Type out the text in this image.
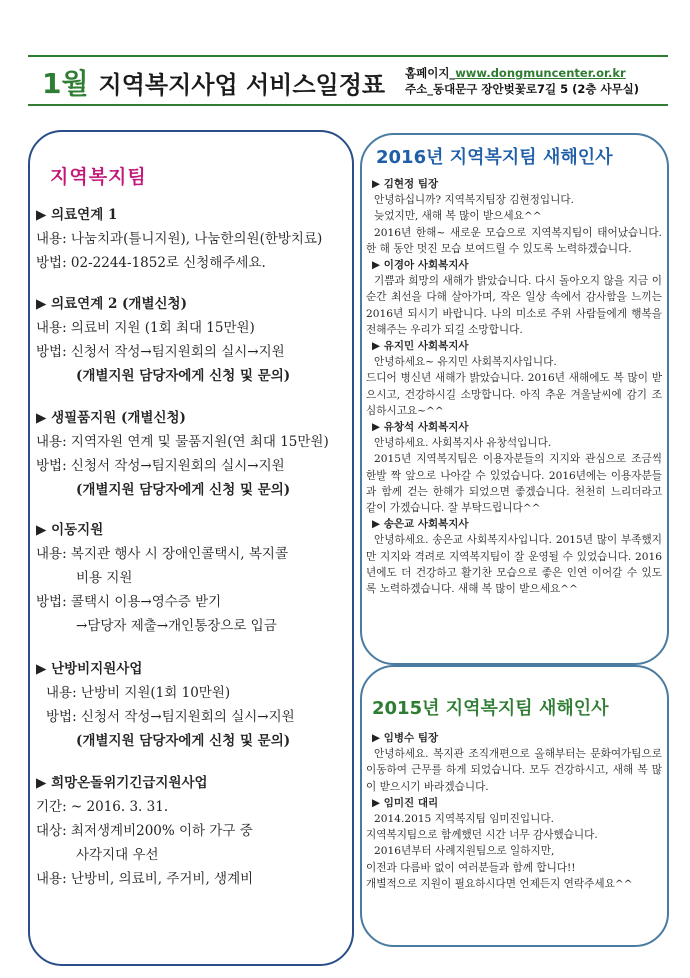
1월 지역복지사업 서비스일정표 홈페이지_www.dongmuncenter.or.kr
주소_동대문구 장안벚꽃로7길 5 (2층 사무실)
지역복지팀
▶ 의료연계 1
내용: 나눔치과(틀니지원), 나눔한의원(한방치료)
방법: 02-2244-1852로 신청해주세요.
▶ 의료연계 2 (개별신청)
내용: 의료비 지원 (1회 최대 15만원)
방법: 신청서 작성→팀지원회의 실시→지원
(개별지원 담당자에게 신청 및 문의)
▶ 생필품지원 (개별신청)
내용: 지역자원 연계 및 물품지원(연 최대 15만원)
방법: 신청서 작성→팀지원회의 실시→지원
(개별지원 담당자에게 신청 및 문의)
▶ 이동지원
내용: 복지관 행사 시 장애인콜택시, 복지콜
비용 지원
방법: 콜택시 이용→영수증 받기
→담당자 제출→개인통장으로 입금
▶ 난방비지원사업
내용: 난방비 지원(1회 10만원)
방법: 신청서 작성→팀지원회의 실시→지원
(개별지원 담당자에게 신청 및 문의)
▶ 희망온돌위기긴급지원사업
기간: ~ 2016. 3. 31.
대상: 최저생계비200% 이하 가구 중
사각지대 우선
내용: 난방비, 의료비, 주거비, 생계비
2016년 지역복지팀 새해인사
▶ 김현정 팀장

안녕하십니까? 지역복지팀장 김현정입니다.

늦었지만, 새해 복 많이 받으세요^^

2016년 한해~ 새로운 모습으로 지역복지팀이 태어났습니다. 한 해 동안 멋진 모습 보여드릴 수 있도록 노력하겠습니다.

▶ 이경아 사회복지사

기쁨과 희망의 새해가 밝았습니다. 다시 돌아오지 않을 지금 이 순간 최선을 다해 살아가며, 작은 일상 속에서 감사함을 느끼는 2016년 되시기 바랍니다. 나의 미소로 주위 사람들에게 행복을 전해주는 우리가 되길 소망합니다.

▶ 유지민 사회복지사

안녕하세요~ 유지민 사회복지사입니다.

드디어 병신년 새해가 밝았습니다. 2016년 새해에도 복 많이 받으시고, 건강하시길 소망합니다. 아직 추운 겨울날씨에 감기 조심하시고요~^^

▶ 유창석 사회복지사

안녕하세요. 사회복지사 유창석입니다.

2015년 지역복지팀은 이용자분들의 지지와 관심으로 조금씩 한발 짝 앞으로 나아갈 수 있었습니다. 2016년에는 이용자분들과 함께 걷는 한해가 되었으면 좋겠습니다. 천천히 느리더라고 같이 가겠습니다. 잘 부탁드립니다^^

▶ 송은교 사회복지사

안녕하세요. 송은교 사회복지사입니다. 2015년 많이 부족했지만 지지와 격려로 지역복지팀이 잘 운영될 수 있었습니다. 2016년에도 더 건강하고 활기찬 모습으로 좋은 인연 이어갈 수 있도록 노력하겠습니다. 새해 복 많이 받으세요^^

2015년 지역복지팀 새해인사
▶ 임병수 팀장

안녕하세요. 복지관 조직개편으로 올해부터는 문화여가팀으로 이동하여 근무를 하게 되었습니다. 모두 건강하시고, 새해 복 많이 받으시기 바라겠습니다.

▶ 임미진 대리

2014.2015 지역복지팀 임미진입니다.

지역복지팀으로 함께했던 시간 너무 감사했습니다.

2016년부터 사례지원팀으로 일하지만,

이전과 다름바 없이 여러분들과 함께 합니다!!

개별적으로 지원이 필요하시다면 언제든지 연락주세요^^
